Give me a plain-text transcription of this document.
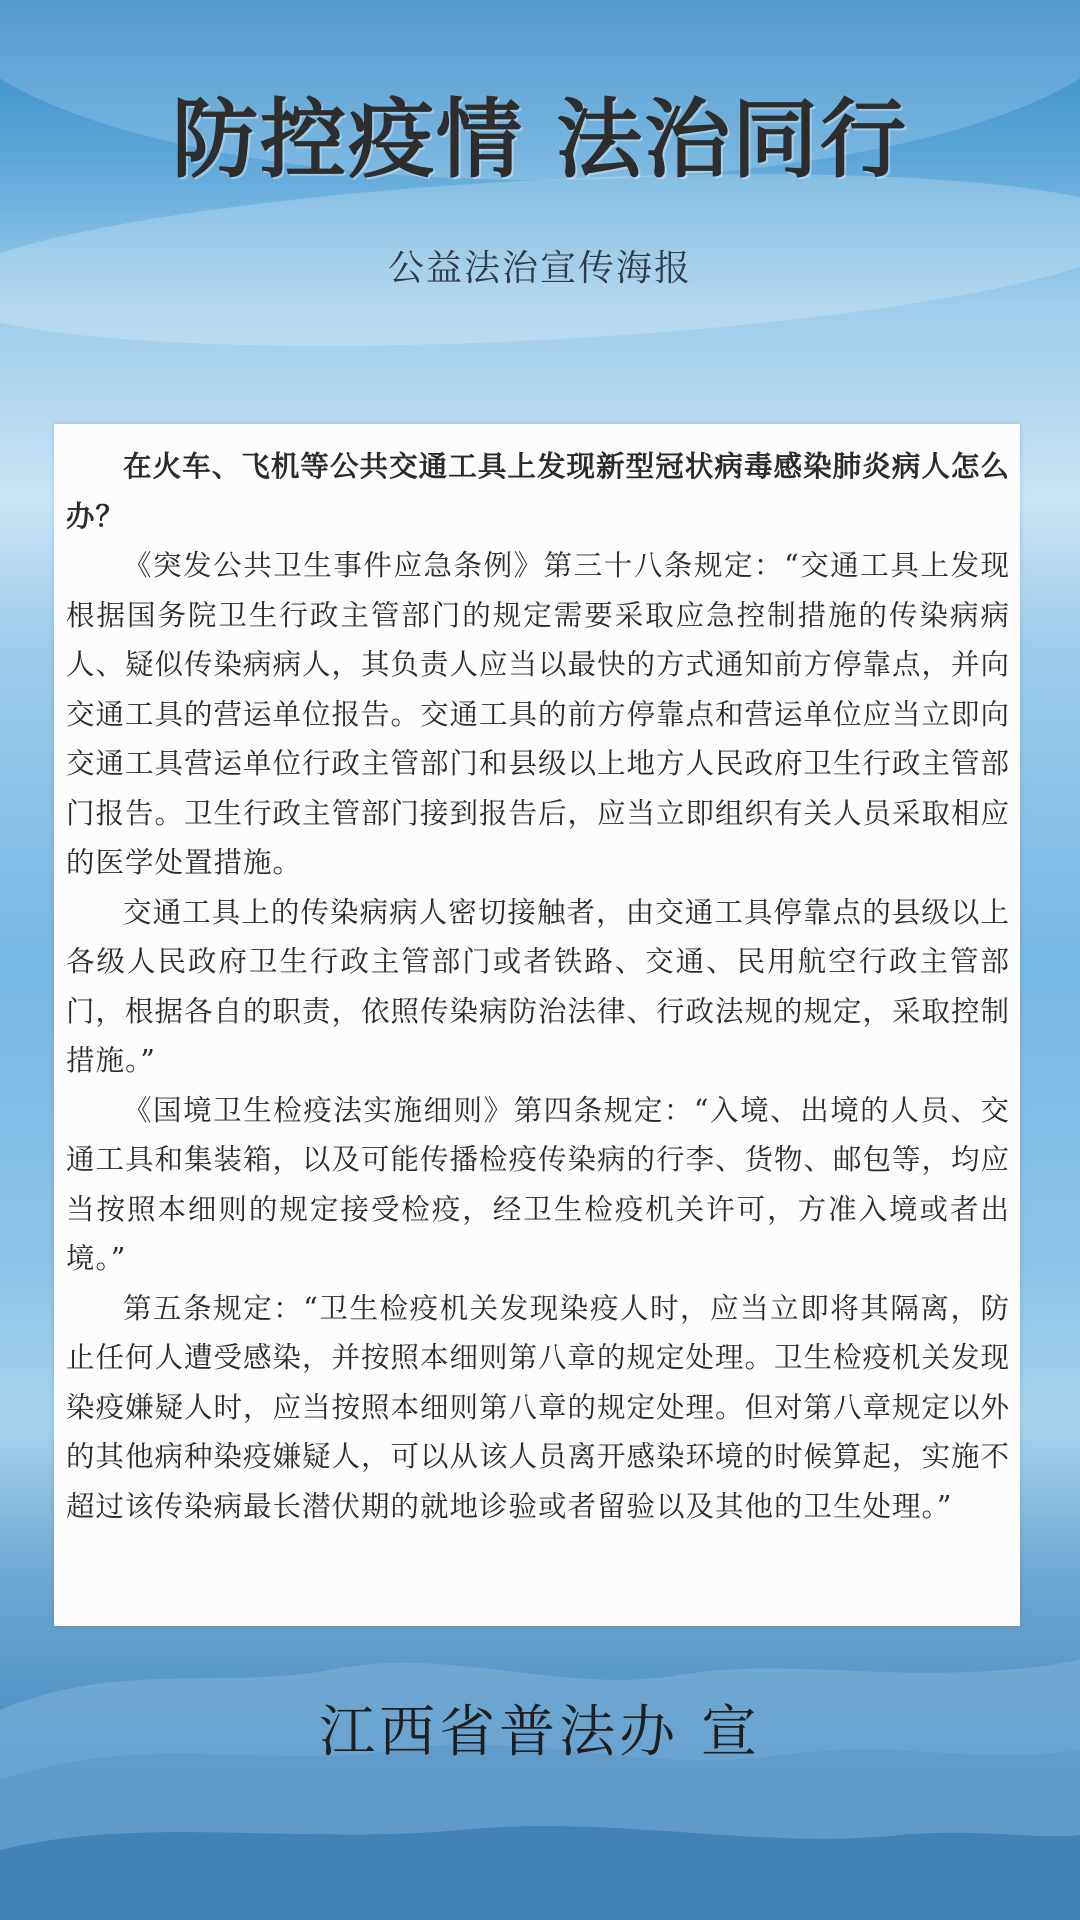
防控疫情 法治同行
公益法治宣传海报

在火车、飞机等公共交通工具上发现新型冠状病毒感染肺炎病人怎么办？

《突发公共卫生事件应急条例》第三十八条规定：“交通工具上发现根据国务院卫生行政主管部门的规定需要采取应急控制措施的传染病病人、疑似传染病病人，其负责人应当以最快的方式通知前方停靠点，并向交通工具的营运单位报告。交通工具的前方停靠点和营运单位应当立即向交通工具营运单位行政主管部门和县级以上地方人民政府卫生行政主管部门报告。卫生行政主管部门接到报告后，应当立即组织有关人员采取相应的医学处置措施。

交通工具上的传染病病人密切接触者，由交通工具停靠点的县级以上各级人民政府卫生行政主管部门或者铁路、交通、民用航空行政主管部门，根据各自的职责，依照传染病防治法律、行政法规的规定，采取控制措施。”

《国境卫生检疫法实施细则》第四条规定：“入境、出境的人员、交通工具和集装箱，以及可能传播检疫传染病的行李、货物、邮包等，均应当按照本细则的规定接受检疫，经卫生检疫机关许可，方准入境或者出境。”

第五条规定：“卫生检疫机关发现染疫人时，应当立即将其隔离，防止任何人遭受感染，并按照本细则第八章的规定处理。卫生检疫机关发现染疫嫌疑人时，应当按照本细则第八章的规定处理。但对第八章规定以外的其他病种染疫嫌疑人，可以从该人员离开感染环境的时候算起，实施不超过该传染病最长潜伏期的就地诊验或者留验以及其他的卫生处理。”

江西省普法办 宣
